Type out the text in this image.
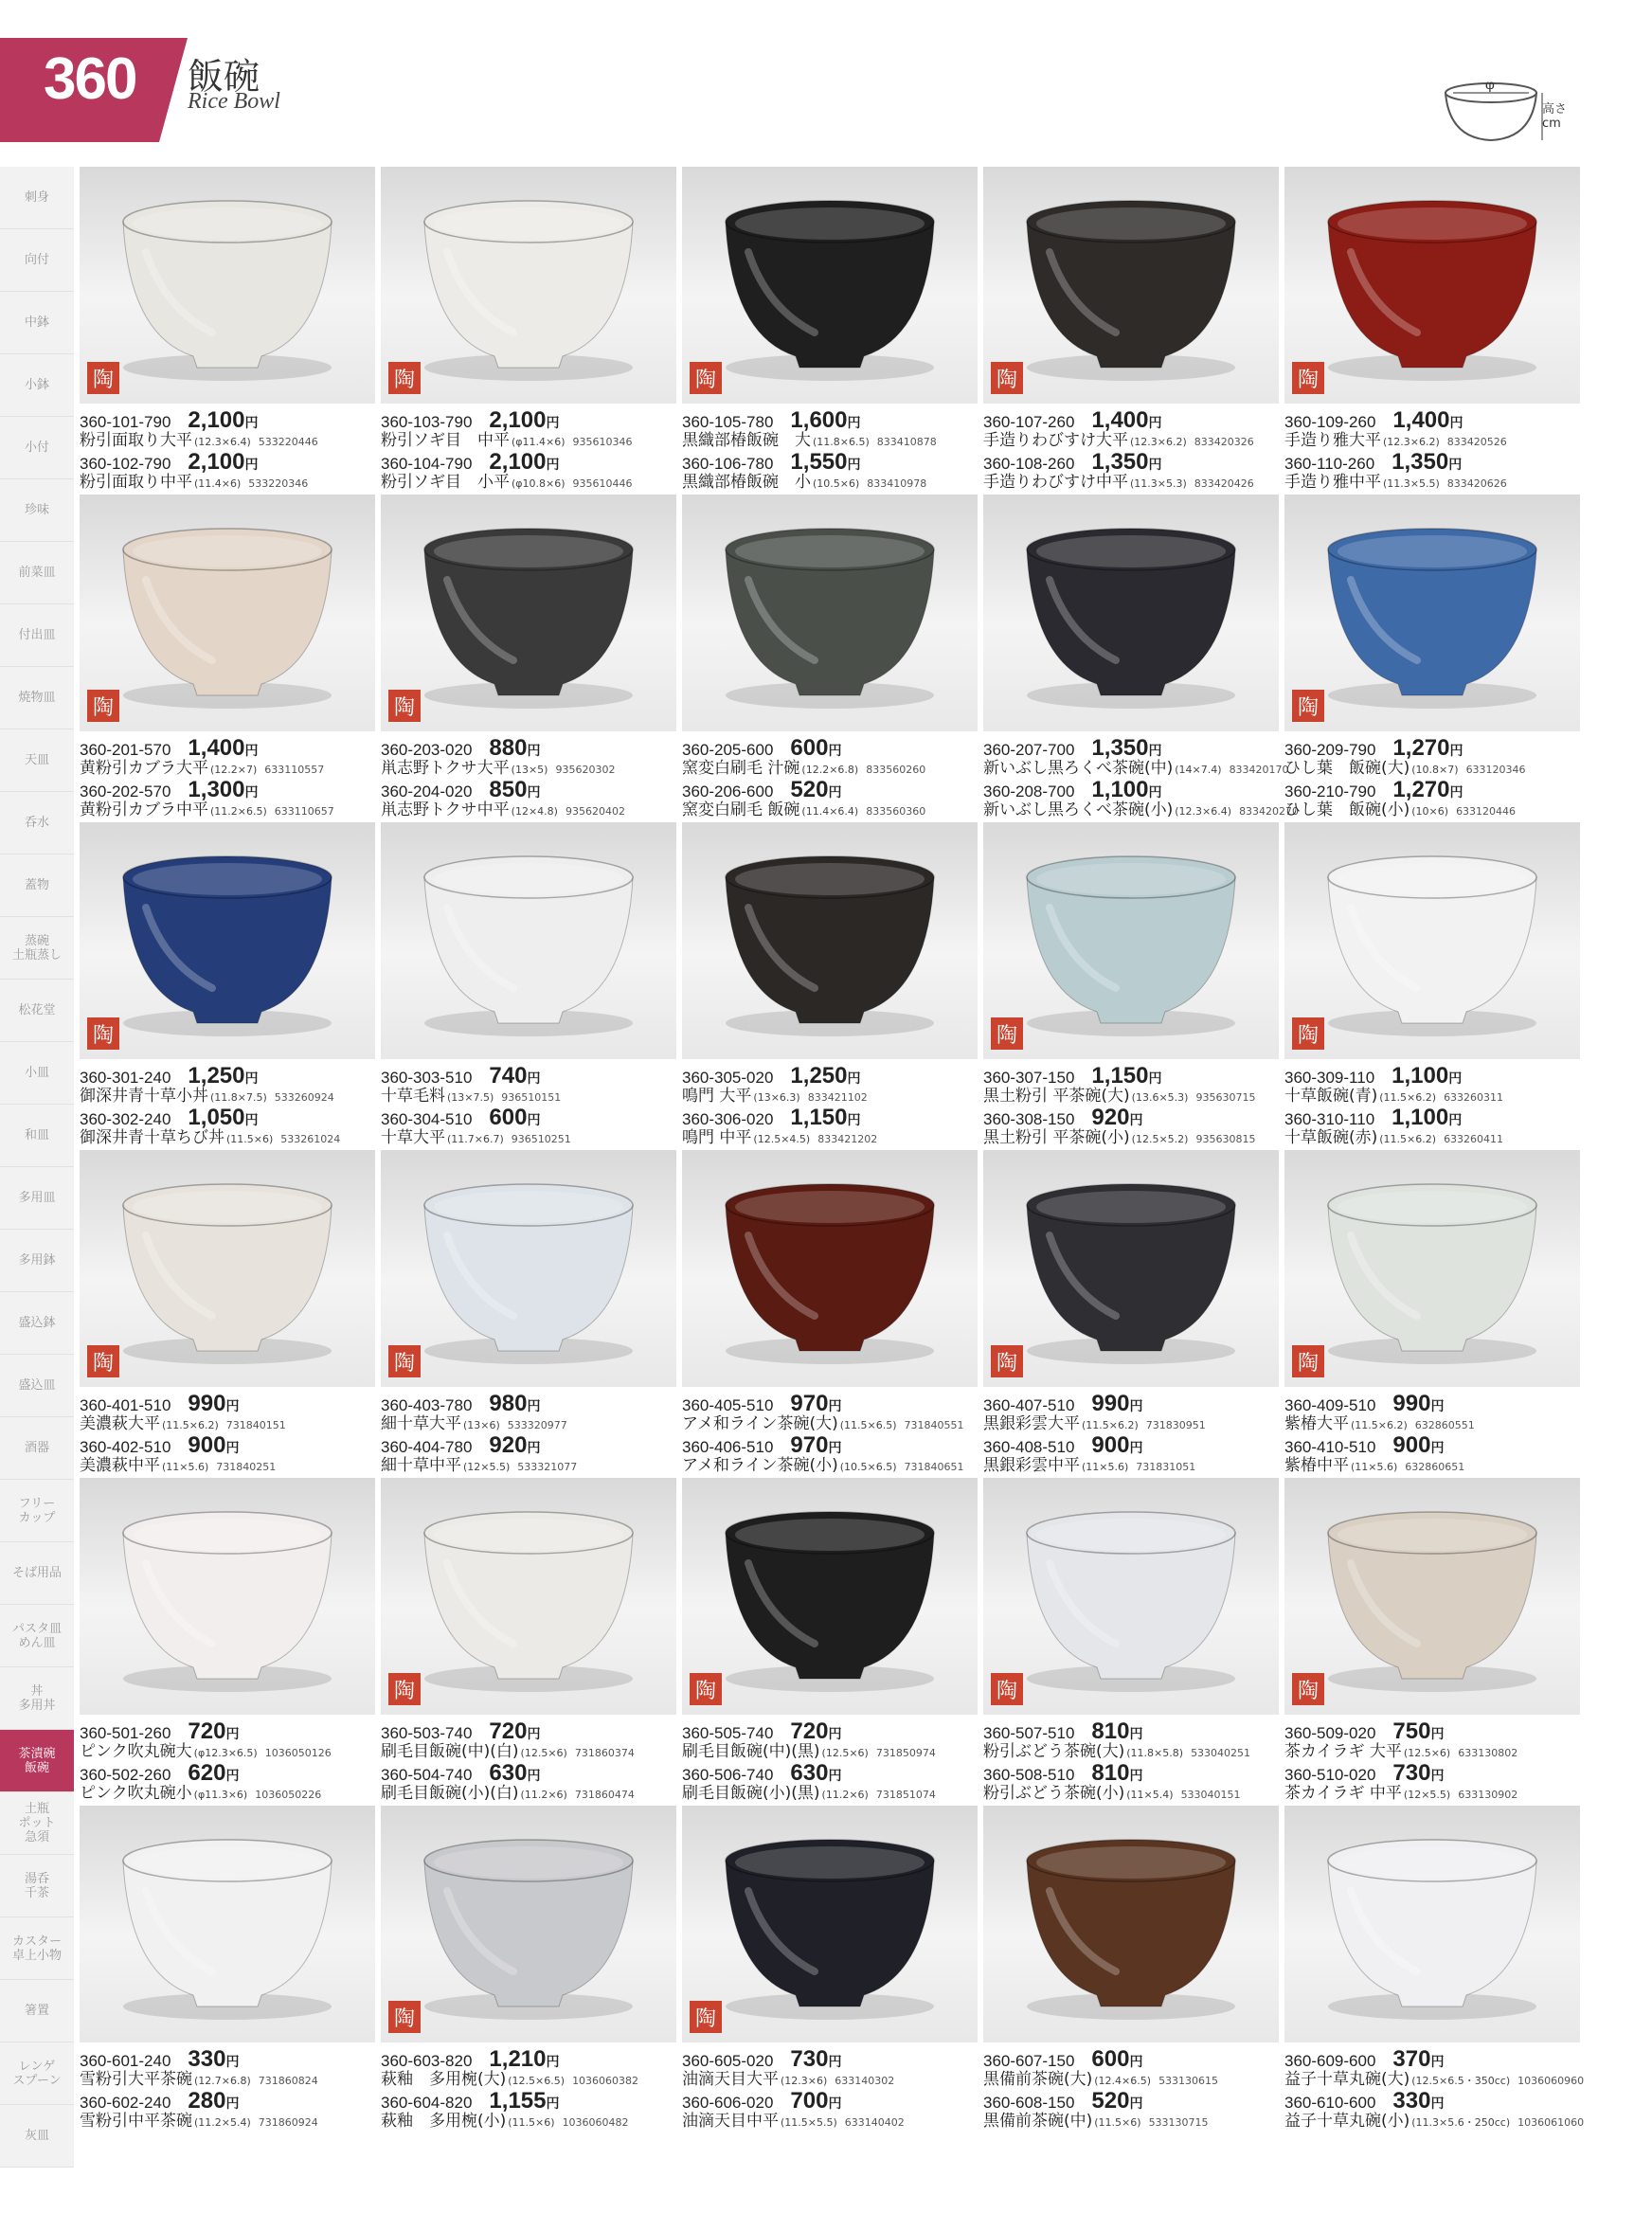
360 飯碗
Rice Bowl
φ
高さ
cm
刺身
向付
中鉢
小鉢
小付
珍味
前菜皿
付出皿
焼物皿
天皿
呑水
蓋物
蒸碗
土瓶蒸し
松花堂
小皿
和皿
多用皿
多用鉢
盛込鉢
盛込皿
酒器
フリー
カップ
そば用品
パスタ皿
めん皿
丼
多用丼
茶漬碗
飯碗
土瓶
ポット
急須
湯呑
千茶
カスター
卓上小物
箸置
レンゲ
スプーン
灰皿
陶
360-101-790 2,100円
粉引面取り大平 (12.3×6.4) 533220446
360-102-790 2,100円
粉引面取り中平 (11.4×6) 533220346
陶
360-103-790 2,100円
粉引ソギ目　中平 (φ11.4×6) 935610346
360-104-790 2,100円
粉引ソギ目　小平 (φ10.8×6) 935610446
陶
360-105-780 1,600円
黒織部椿飯碗　大 (11.8×6.5) 833410878
360-106-780 1,550円
黒織部椿飯碗　小 (10.5×6) 833410978
陶
360-107-260 1,400円
手造りわびすけ大平 (12.3×6.2) 833420326
360-108-260 1,350円
手造りわびすけ中平 (11.3×5.3) 833420426
陶
360-109-260 1,400円
手造り雅大平 (12.3×6.2) 833420526
360-110-260 1,350円
手造り雅中平 (11.3×5.5) 833420626
陶
360-201-570 1,400円
黄粉引カブラ大平 (12.2×7) 633110557
360-202-570 1,300円
黄粉引カブラ中平 (11.2×6.5) 633110657
陶
360-203-020 880円
鼡志野トクサ大平 (13×5) 935620302
360-204-020 850円
鼡志野トクサ中平 (12×4.8) 935620402
360-205-600 600円
窯変白刷毛 汁碗 (12.2×6.8) 833560260
360-206-600 520円
窯変白刷毛 飯碗 (11.4×6.4) 833560360
360-207-700 1,350円
新いぶし黒ろくべ茶碗(中) (14×7.4) 833420170
360-208-700 1,100円
新いぶし黒ろくべ茶碗(小) (12.3×6.4) 833420270
陶
360-209-790 1,270円
ひし葉　飯碗(大) (10.8×7) 633120346
360-210-790 1,270円
ひし葉　飯碗(小) (10×6) 633120446
陶
360-301-240 1,250円
御深井青十草小丼 (11.8×7.5) 533260924
360-302-240 1,050円
御深井青十草ちび丼 (11.5×6) 533261024
360-303-510 740円
十草毛料 (13×7.5) 936510151
360-304-510 600円
十草大平 (11.7×6.7) 936510251
360-305-020 1,250円
鳴門 大平 (13×6.3) 833421102
360-306-020 1,150円
鳴門 中平 (12.5×4.5) 833421202
陶
360-307-150 1,150円
黒土粉引 平茶碗(大) (13.6×5.3) 935630715
360-308-150 920円
黒土粉引 平茶碗(小) (12.5×5.2) 935630815
陶
360-309-110 1,100円
十草飯碗(青) (11.5×6.2) 633260311
360-310-110 1,100円
十草飯碗(赤) (11.5×6.2) 633260411
陶
360-401-510 990円
美濃萩大平 (11.5×6.2) 731840151
360-402-510 900円
美濃萩中平 (11×5.6) 731840251
陶
360-403-780 980円
細十草大平 (13×6) 533320977
360-404-780 920円
細十草中平 (12×5.5) 533321077
360-405-510 970円
アメ和ライン茶碗(大) (11.5×6.5) 731840551
360-406-510 970円
アメ和ライン茶碗(小) (10.5×6.5) 731840651
陶
360-407-510 990円
黒銀彩雲大平 (11.5×6.2) 731830951
360-408-510 900円
黒銀彩雲中平 (11×5.6) 731831051
陶
360-409-510 990円
紫椿大平 (11.5×6.2) 632860551
360-410-510 900円
紫椿中平 (11×5.6) 632860651
360-501-260 720円
ピンク吹丸碗大 (φ12.3×6.5) 1036050126
360-502-260 620円
ピンク吹丸碗小 (φ11.3×6) 1036050226
陶
360-503-740 720円
刷毛目飯碗(中)(白) (12.5×6) 731860374
360-504-740 630円
刷毛目飯碗(小)(白) (11.2×6) 731860474
陶
360-505-740 720円
刷毛目飯碗(中)(黒) (12.5×6) 731850974
360-506-740 630円
刷毛目飯碗(小)(黒) (11.2×6) 731851074
陶
360-507-510 810円
粉引ぶどう茶碗(大) (11.8×5.8) 533040251
360-508-510 810円
粉引ぶどう茶碗(小) (11×5.4) 533040151
陶
360-509-020 750円
茶カイラギ 大平 (12.5×6) 633130802
360-510-020 730円
茶カイラギ 中平 (12×5.5) 633130902
360-601-240 330円
雪粉引大平茶碗 (12.7×6.8) 731860824
360-602-240 280円
雪粉引中平茶碗 (11.2×5.4) 731860924
陶
360-603-820 1,210円
萩釉　多用椀(大) (12.5×6.5) 1036060382
360-604-820 1,155円
萩釉　多用椀(小) (11.5×6) 1036060482
陶
360-605-020 730円
油滴天目大平 (12.3×6) 633140302
360-606-020 700円
油滴天目中平 (11.5×5.5) 633140402
360-607-150 600円
黒備前茶碗(大) (12.4×6.5) 533130615
360-608-150 520円
黒備前茶碗(中) (11.5×6) 533130715
360-609-600 370円
益子十草丸碗(大) (12.5×6.5・350cc) 1036060960
360-610-600 330円
益子十草丸碗(小) (11.3×5.6・250cc) 1036061060
